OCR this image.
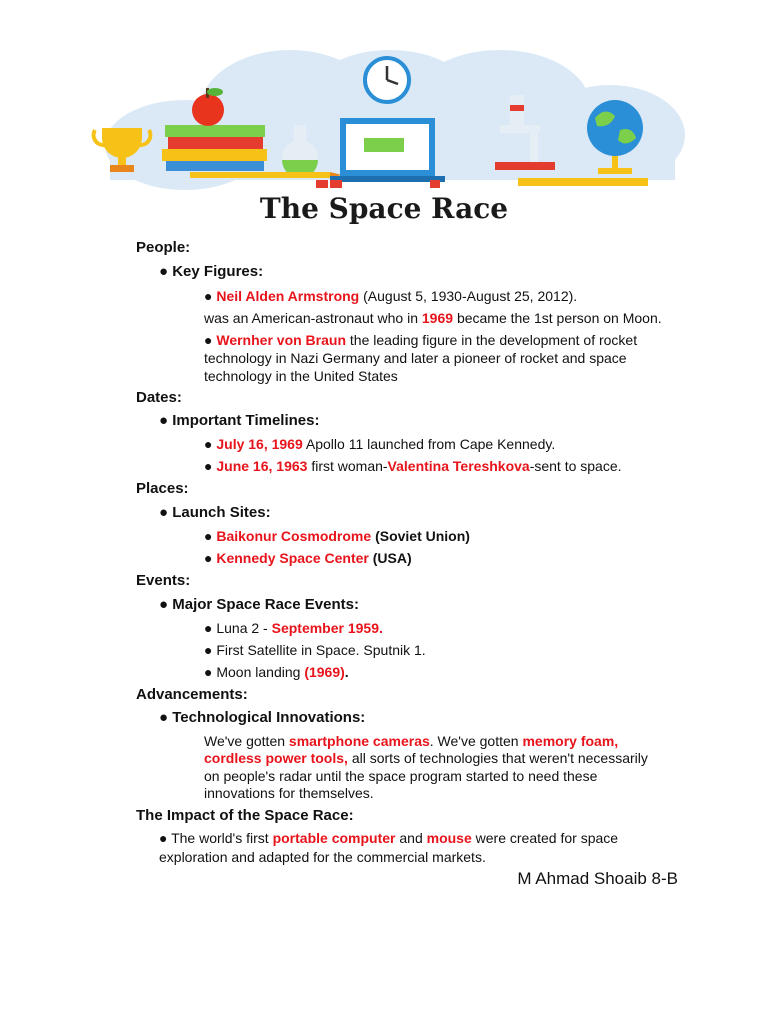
The Space Race
People:
● Key Figures:
● Neil Alden Armstrong (August 5, 1930-August 25, 2012).
was an American-astronaut who in 1969 became the 1st person on Moon.
● Wernher von Braun the leading figure in the development of rocket
technology in Nazi Germany and later a pioneer of rocket and space
technology in the United States
Dates:
● Important Timelines:
● July 16, 1969 Apollo 11 launched from Cape Kennedy.
● June 16, 1963 first woman-Valentina Tereshkova-sent to space.
Places:
● Launch Sites:
● Baikonur Cosmodrome (Soviet Union)
● Kennedy Space Center (USA)
Events:
● Major Space Race Events:
● Luna 2 - September 1959.
● First Satellite in Space. Sputnik 1.
● Moon landing (1969).
Advancements:
● Technological Innovations:
We've gotten smartphone cameras. We've gotten memory foam,
cordless power tools, all sorts of technologies that weren't necessarily
on people's radar until the space program started to need these
innovations for themselves.
The Impact of the Space Race:
● The world's first portable computer and mouse were created for space
exploration and adapted for the commercial markets.
M Ahmad Shoaib 8-B
